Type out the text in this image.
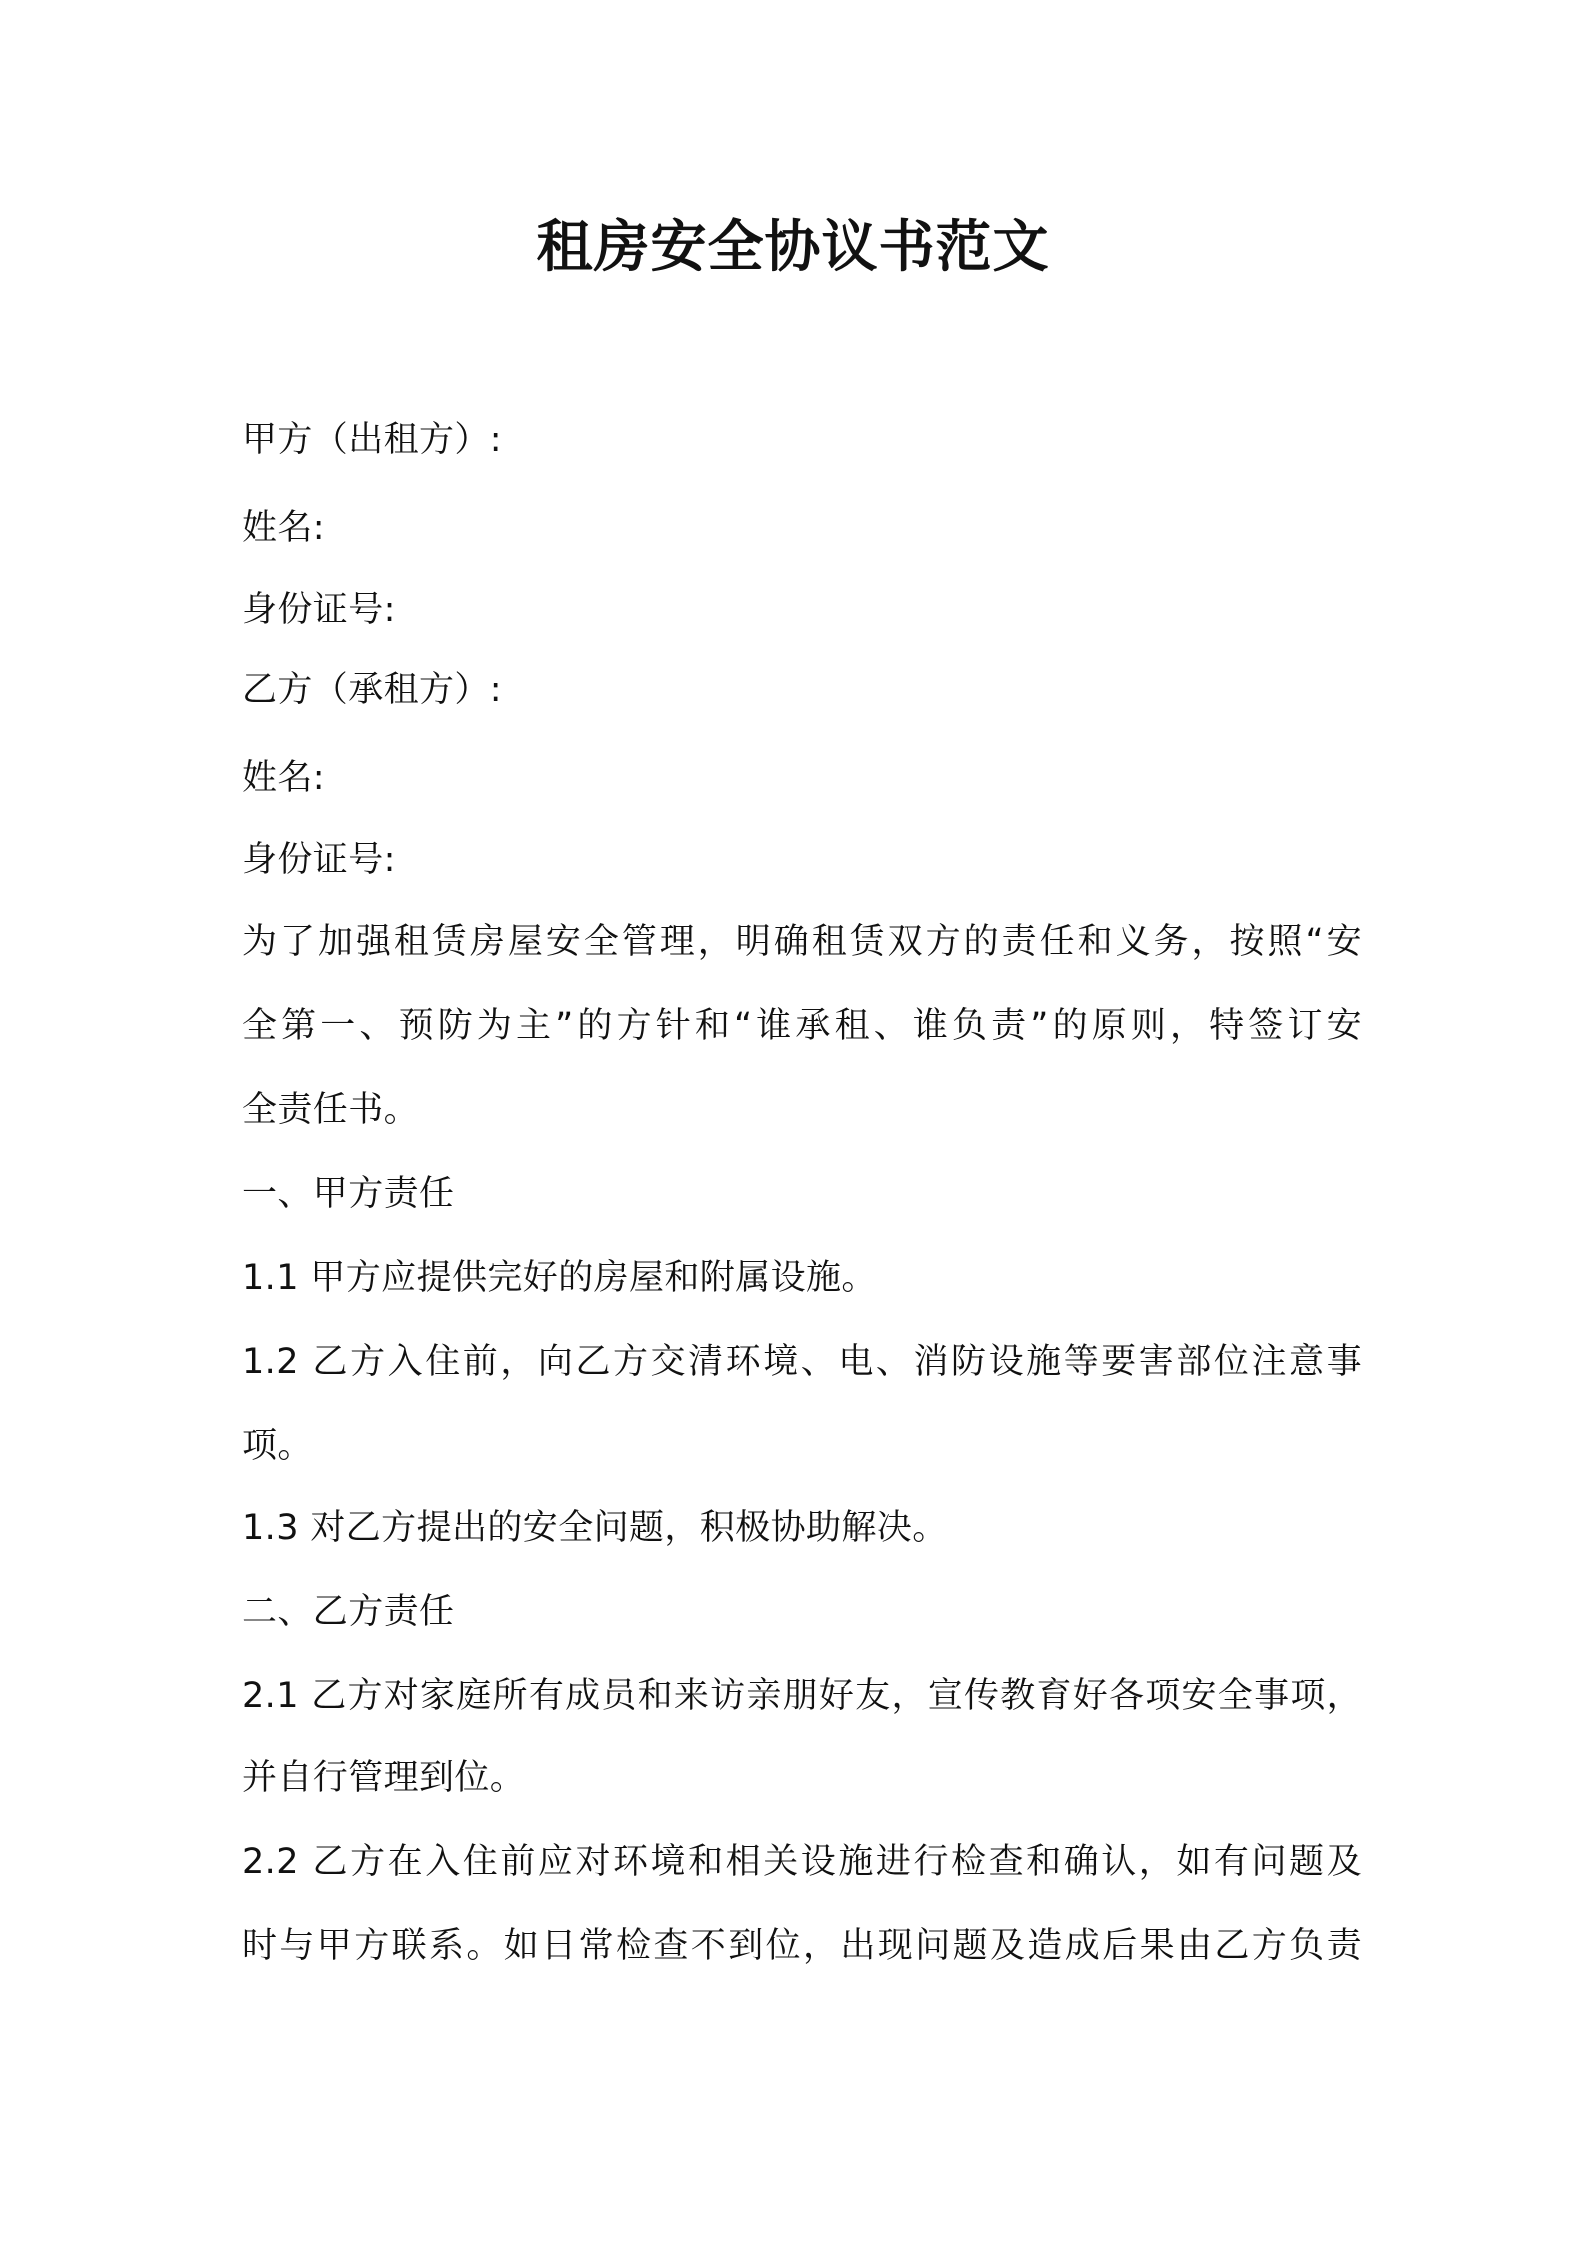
租房安全协议书范文
甲方（出租方）:
姓名:
身份证号:
乙方（承租方）:
姓名:
身份证号:
为了加强租赁房屋安全管理，明确租赁双方的责任和义务，按照“安
全第一、预防为主”的方针和“谁承租、谁负责”的原则，特签订安
全责任书。
一、甲方责任
1.1 甲方应提供完好的房屋和附属设施。
1.2 乙方入住前，向乙方交清环境、电、消防设施等要害部位注意事
项。
1.3 对乙方提出的安全问题，积极协助解决。
二、乙方责任
2.1 乙方对家庭所有成员和来访亲朋好友，宣传教育好各项安全事项，
并自行管理到位。
2.2 乙方在入住前应对环境和相关设施进行检查和确认，如有问题及
时与甲方联系。如日常检查不到位，出现问题及造成后果由乙方负责
